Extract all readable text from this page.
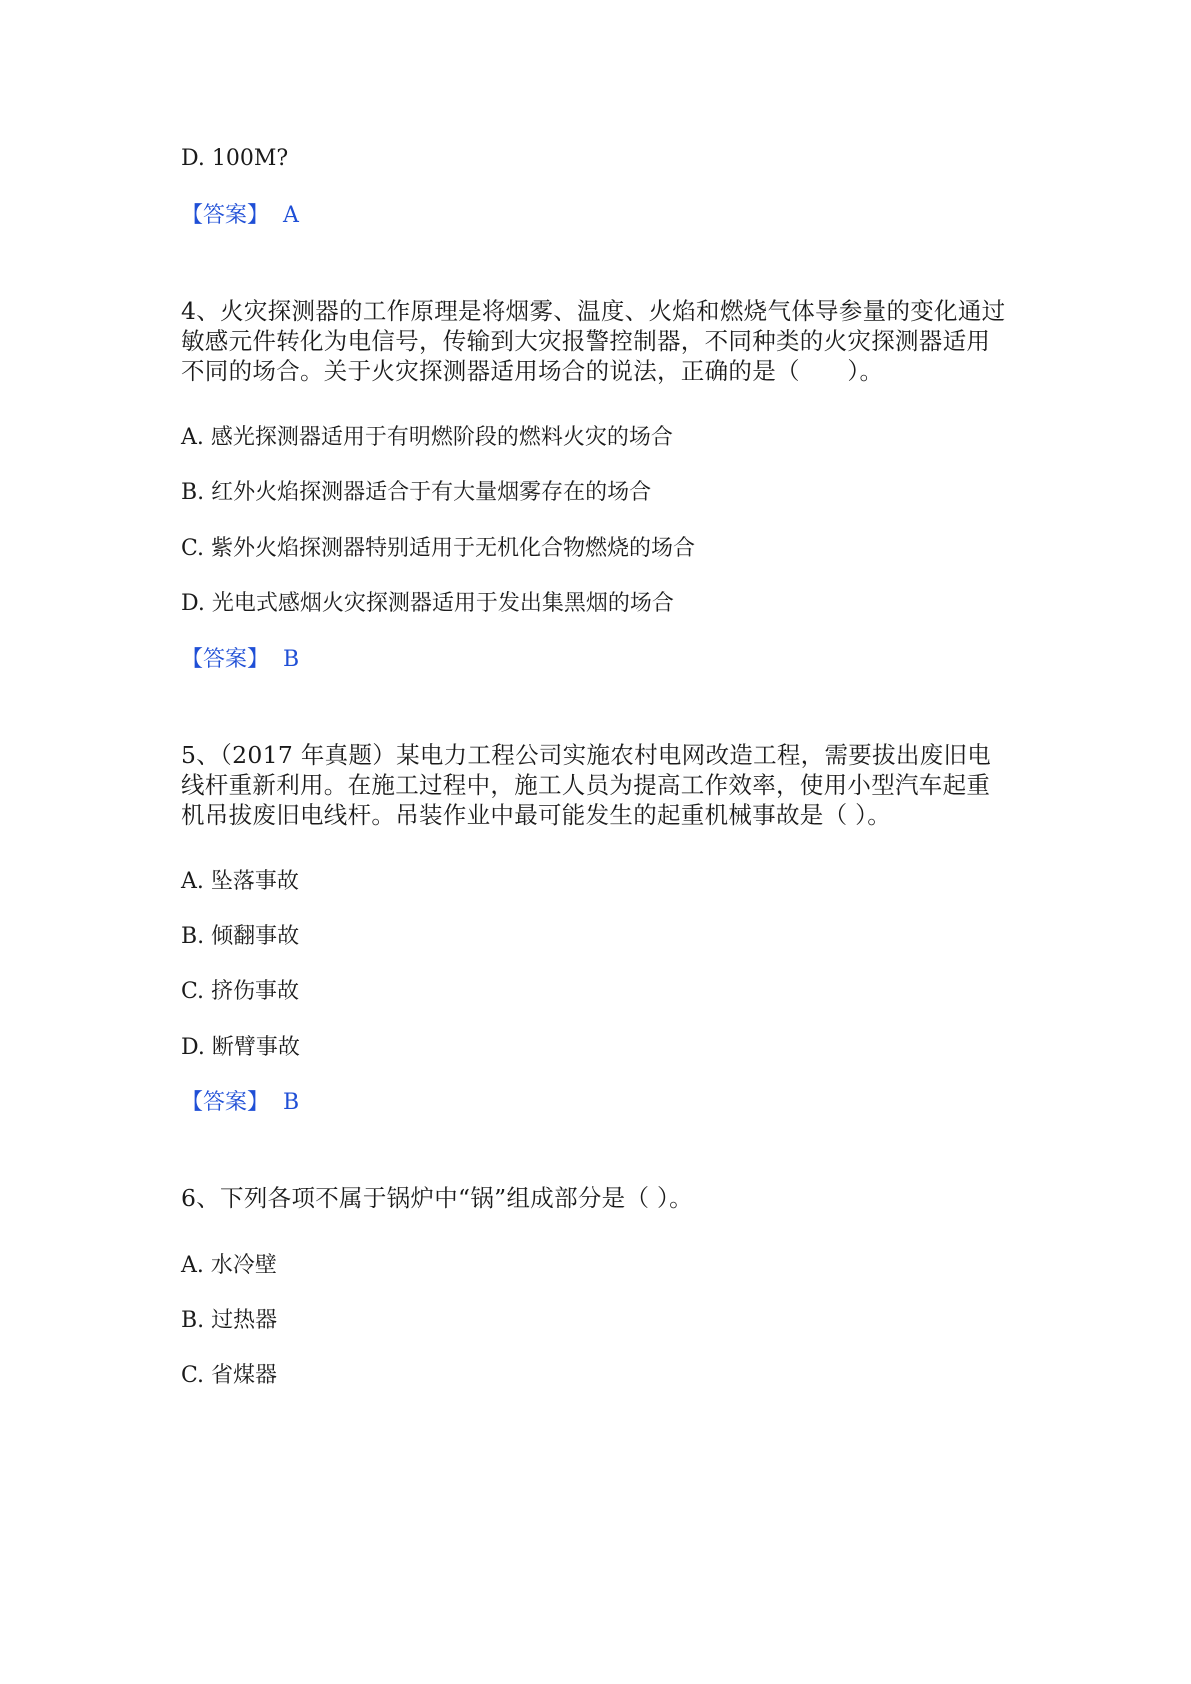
D. 100M?
【答案】 A
4、火灾探测器的工作原理是将烟雾、温度、火焰和燃烧气体导参量的变化通过
敏感元件转化为电信号，传输到大灾报警控制器，不同种类的火灾探测器适用
不同的场合。关于火灾探测器适用场合的说法，正确的是（　　）。
A. 感光探测器适用于有明燃阶段的燃料火灾的场合
B. 红外火焰探测器适合于有大量烟雾存在的场合
C. 紫外火焰探测器特别适用于无机化合物燃烧的场合
D. 光电式感烟火灾探测器适用于发出集黑烟的场合
【答案】 B
5、（2017 年真题）某电力工程公司实施农村电网改造工程，需要拔出废旧电
线杆重新利用。在施工过程中，施工人员为提高工作效率，使用小型汽车起重
机吊拔废旧电线杆。吊装作业中最可能发生的起重机械事故是（ ）。
A. 坠落事故
B. 倾翻事故
C. 挤伤事故
D. 断臂事故
【答案】 B
6、下列各项不属于锅炉中“锅”组成部分是（ ）。
A. 水冷壁
B. 过热器
C. 省煤器
